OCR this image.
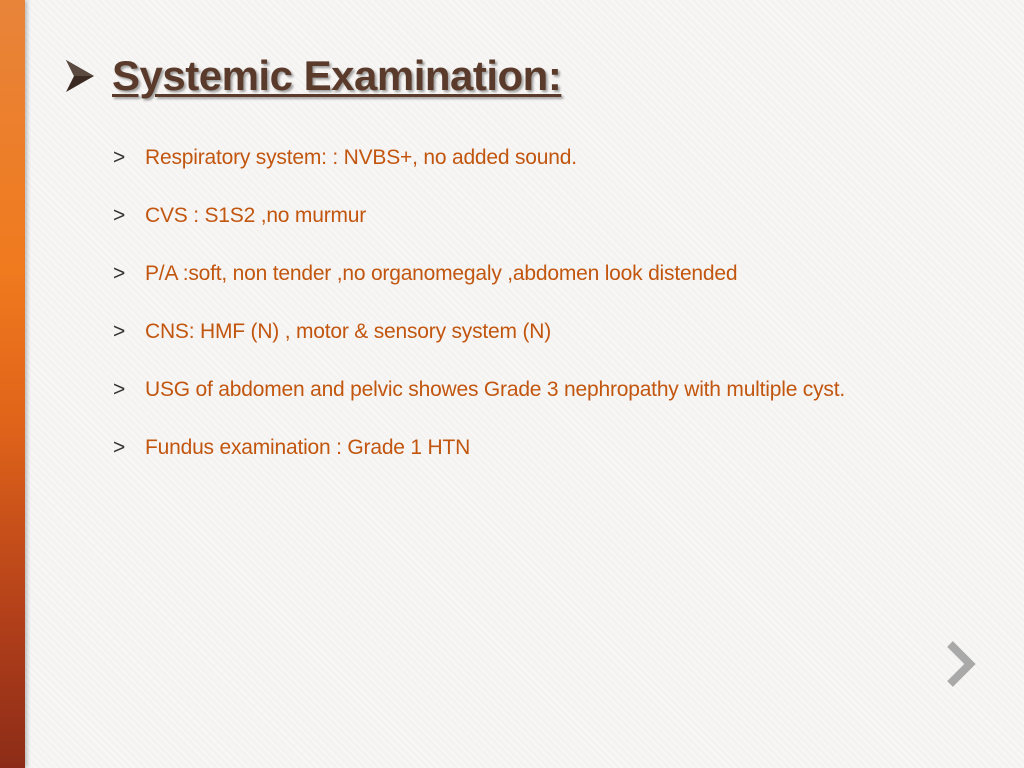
Systemic Examination:
> Respiratory system: : NVBS+, no added sound.
> CVS : S1S2 ,no murmur
> P/A :soft, non tender ,no organomegaly ,abdomen look distended
> CNS: HMF (N) , motor & sensory system (N)
> USG of abdomen and pelvic showes Grade 3 nephropathy with multiple cyst.
> Fundus examination : Grade 1 HTN
